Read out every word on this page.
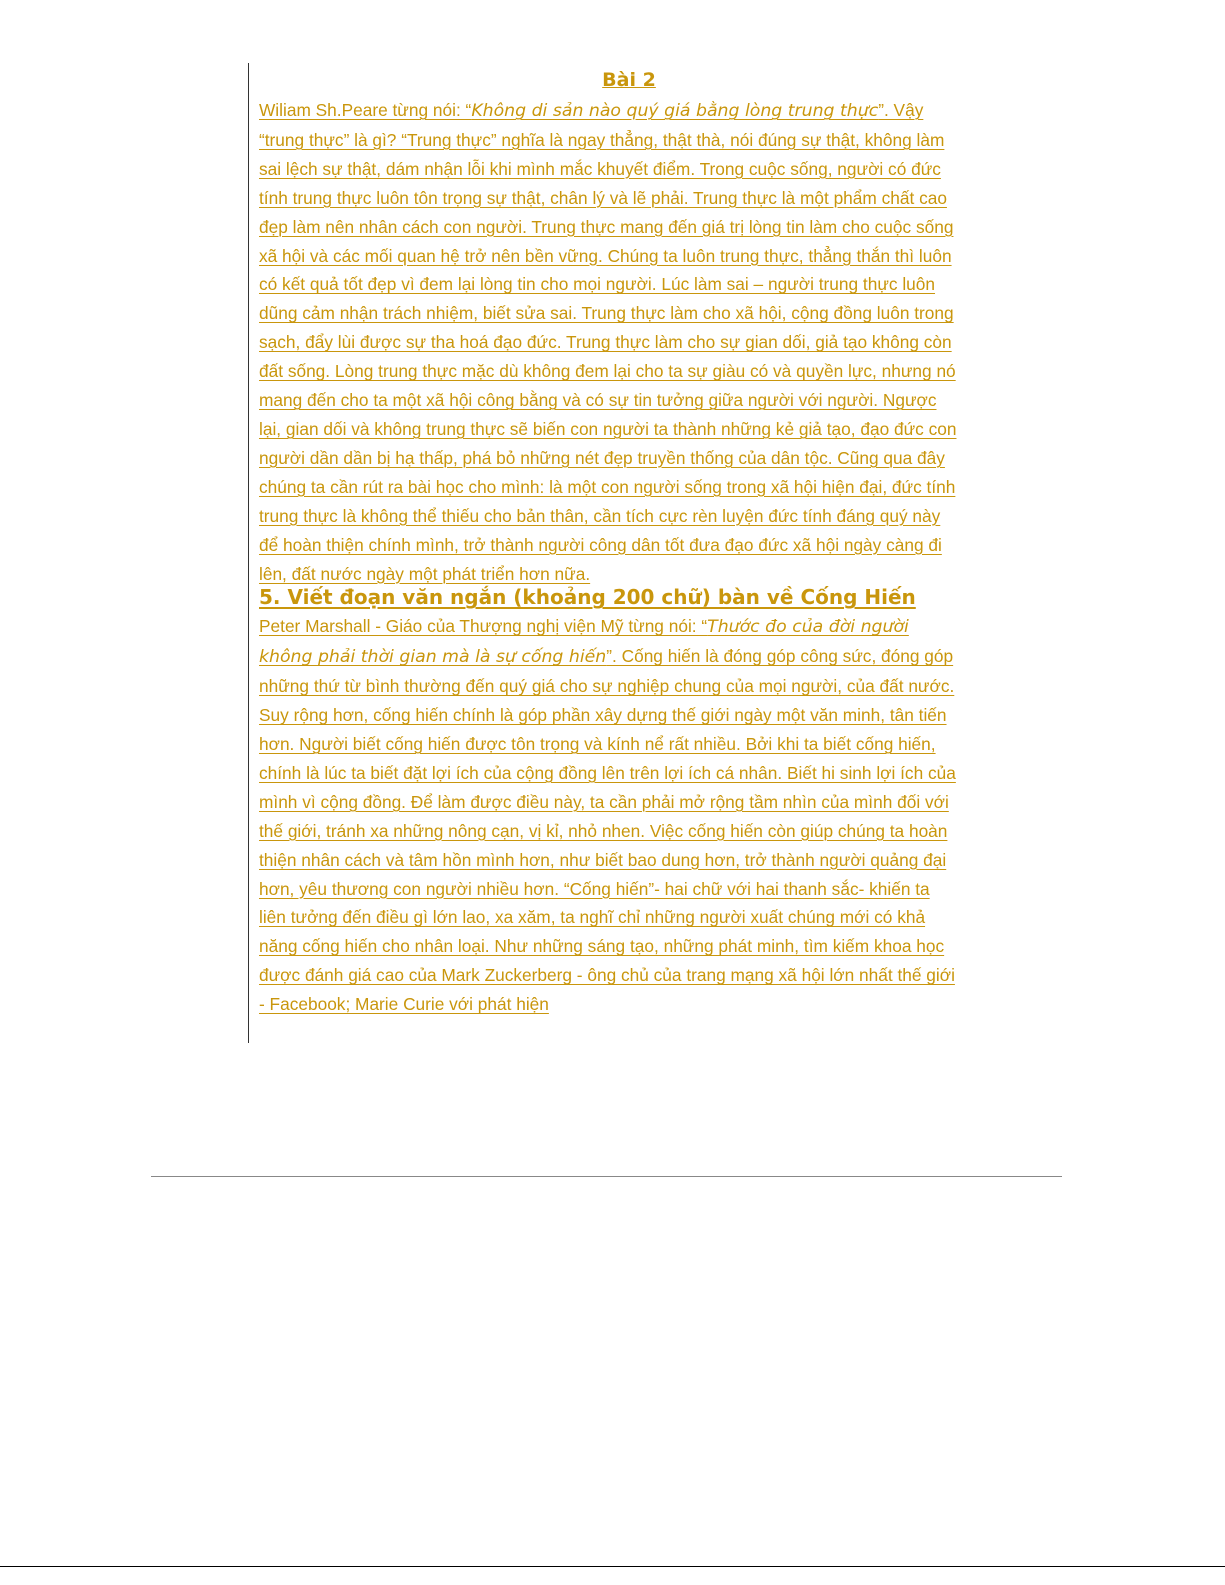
Bài 2

Wiliam Sh.Peare từng nói: “Không di sản nào quý giá bằng lòng trung thực”. Vậy “trung thực” là gì? “Trung thực” nghĩa là ngay thẳng, thật thà, nói đúng sự thật, không làm sai lệch sự thật, dám nhận lỗi khi mình mắc khuyết điểm. Trong cuộc sống, người có đức tính trung thực luôn tôn trọng sự thật, chân lý và lẽ phải. Trung thực là một phẩm chất cao đẹp làm nên nhân cách con người. Trung thực mang đến giá trị lòng tin làm cho cuộc sống xã hội và các mối quan hệ trở nên bền vững. Chúng ta luôn trung thực, thẳng thắn thì luôn có kết quả tốt đẹp vì đem lại lòng tin cho mọi người. Lúc làm sai – người trung thực luôn dũng cảm nhận trách nhiệm, biết sửa sai. Trung thực làm cho xã hội, cộng đồng luôn trong sạch, đẩy lùi được sự tha hoá đạo đức. Trung thực làm cho sự gian dối, giả tạo không còn đất sống. Lòng trung thực mặc dù không đem lại cho ta sự giàu có và quyền lực, nhưng nó mang đến cho ta một xã hội công bằng và có sự tin tưởng giữa người với người. Ngược lại, gian dối và không trung thực sẽ biến con người ta thành những kẻ giả tạo, đạo đức con người dần dần bị hạ thấp, phá bỏ những nét đẹp truyền thống của dân tộc. Cũng qua đây chúng ta cần rút ra bài học cho mình: là một con người sống trong xã hội hiện đại, đức tính trung thực là không thể thiếu cho bản thân, cần tích cực rèn luyện đức tính đáng quý này để hoàn thiện chính mình, trở thành người công dân tốt đưa đạo đức xã hội ngày càng đi lên, đất nước ngày một phát triển hơn nữa.

5. Viết đoạn văn ngắn (khoảng 200 chữ) bàn về Cống Hiến

Peter Marshall - Giáo của Thượng nghị viện Mỹ từng nói: “Thước đo của đời người không phải thời gian mà là sự cống hiến”. Cống hiến là đóng góp công sức, đóng góp những thứ từ bình thường đến quý giá cho sự nghiệp chung của mọi người, của đất nước. Suy rộng hơn, cống hiến chính là góp phần xây dựng thế giới ngày một văn minh, tân tiến hơn. Người biết cống hiến được tôn trọng và kính nể rất nhiều. Bởi khi ta biết cống hiến, chính là lúc ta biết đặt lợi ích của cộng đồng lên trên lợi ích cá nhân. Biết hi sinh lợi ích của mình vì cộng đồng. Để làm được điều này, ta cần phải mở rộng tầm nhìn của mình đối với thế giới, tránh xa những nông cạn, vị kỉ, nhỏ nhen. Việc cống hiến còn giúp chúng ta hoàn thiện nhân cách và tâm hồn mình hơn, như biết bao dung hơn, trở thành người quảng đại hơn, yêu thương con người nhiều hơn. “Cống hiến”- hai chữ với hai thanh sắc- khiến ta liên tưởng đến điều gì lớn lao, xa xăm, ta nghĩ chỉ những người xuất chúng mới có khả năng cống hiến cho nhân loại. Như những sáng tạo, những phát minh, tìm kiếm khoa học được đánh giá cao của Mark Zuckerberg - ông chủ của trang mạng xã hội lớn nhất thế giới - Facebook; Marie Curie với phát hiện
